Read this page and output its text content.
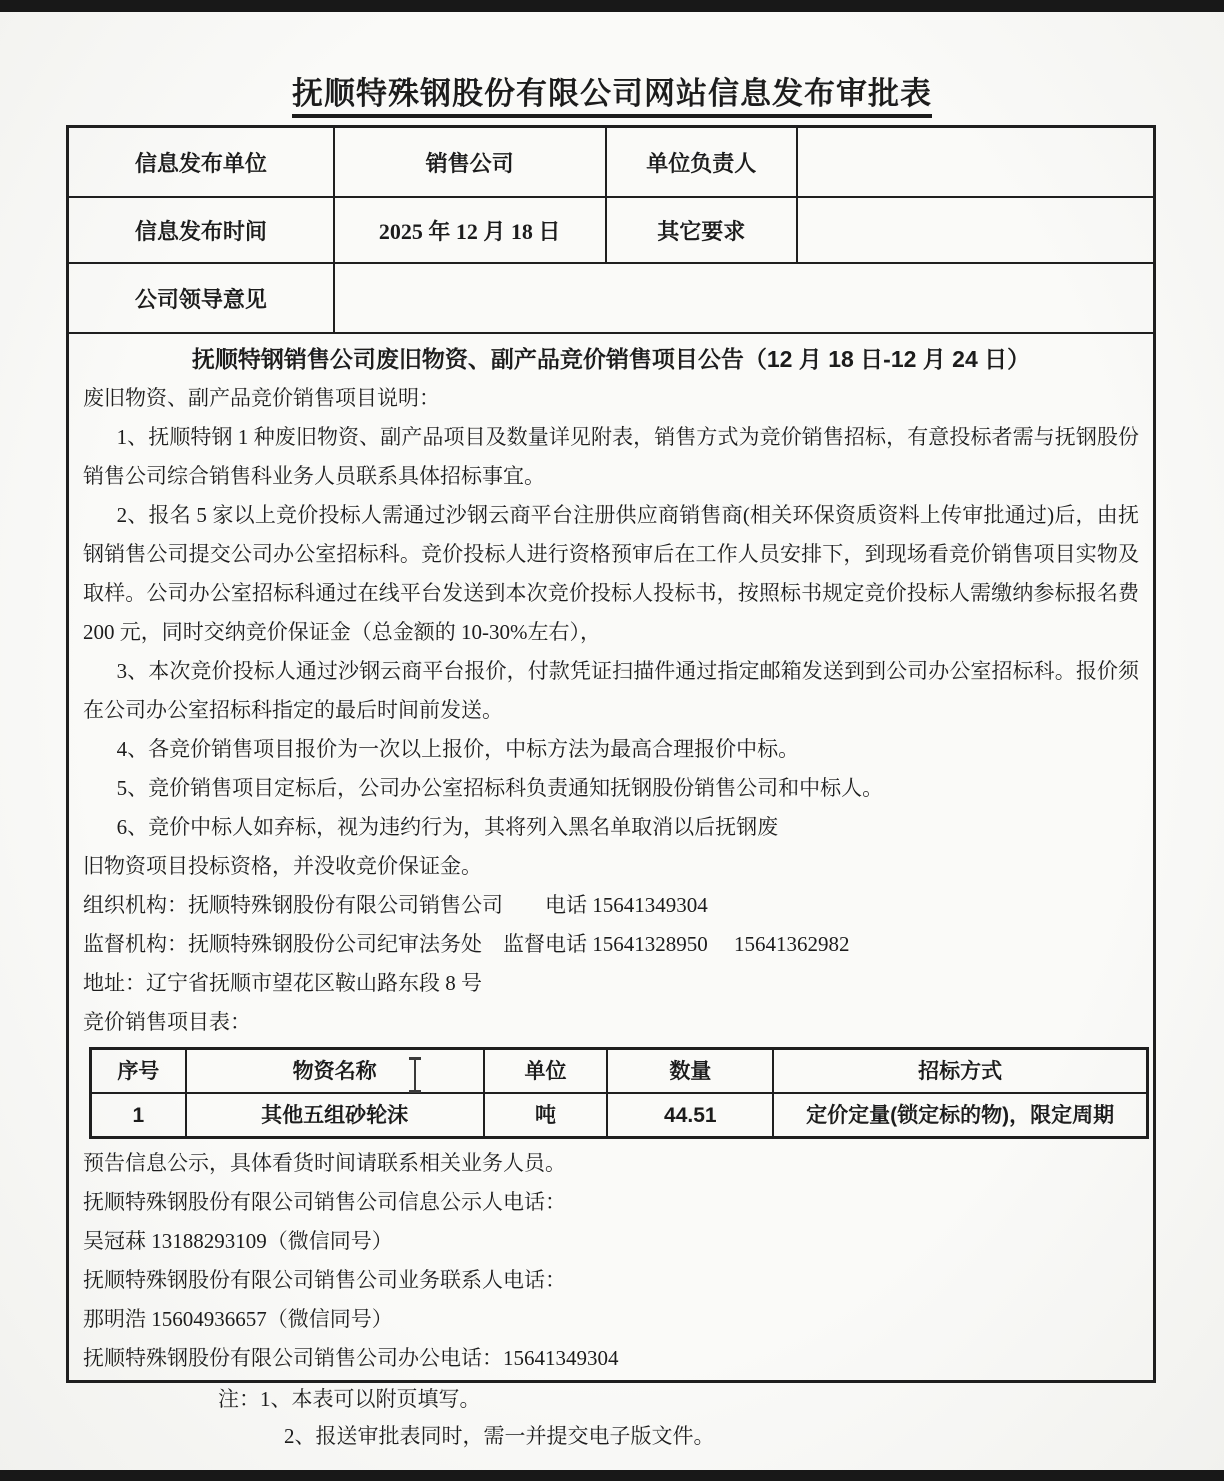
抚顺特殊钢股份有限公司网站信息发布审批表
信息发布单位	销售公司	单位负责人	
信息发布时间	2025 年 12 月 18 日	其它要求	
公司领导意见	

抚顺特钢销售公司废旧物资、副产品竞价销售项目公告（12 月 18 日-12 月 24 日）

废旧物资、副产品竞价销售项目说明：

1、抚顺特钢 1 种废旧物资、副产品项目及数量详见附表，销售方式为竞价销售招标，有意投标者需与抚钢股份销售公司综合销售科业务人员联系具体招标事宜。

2、报名 5 家以上竞价投标人需通过沙钢云商平台注册供应商销售商(相关环保资质资料上传审批通过)后，由抚钢销售公司提交公司办公室招标科。竞价投标人进行资格预审后在工作人员安排下，到现场看竞价销售项目实物及取样。公司办公室招标科通过在线平台发送到本次竞价投标人投标书，按照标书规定竞价投标人需缴纳参标报名费 200 元，同时交纳竞价保证金（总金额的 10-30%左右），

3、本次竞价投标人通过沙钢云商平台报价，付款凭证扫描件通过指定邮箱发送到到公司办公室招标科。报价须在公司办公室招标科指定的最后时间前发送。

4、各竞价销售项目报价为一次以上报价，中标方法为最高合理报价中标。

5、竞价销售项目定标后，公司办公室招标科负责通知抚钢股份销售公司和中标人。

6、竞价中标人如弃标，视为违约行为，其将列入黑名单取消以后抚钢废

旧物资项目投标资格，并没收竞价保证金。

组织机构：抚顺特殊钢股份有限公司销售公司　　电话 15641349304

监督机构：抚顺特殊钢股份公司纪审法务处　监督电话 15641328950　 15641362982

地址：辽宁省抚顺市望花区鞍山路东段 8 号

竞价销售项目表：

序号	物资名称	单位	数量	招标方式
1	其他五组砂轮沫	吨	44.51	定价定量(锁定标的物)，限定周期

预告信息公示，具体看货时间请联系相关业务人员。

抚顺特殊钢股份有限公司销售公司信息公示人电话：

吴冠菻 13188293109（微信同号）

抚顺特殊钢股份有限公司销售公司业务联系人电话：

那明浩 15604936657（微信同号）

抚顺特殊钢股份有限公司销售公司办公电话：15641349304

注：1、本表可以附页填写。
2、报送审批表同时，需一并提交电子版文件。
